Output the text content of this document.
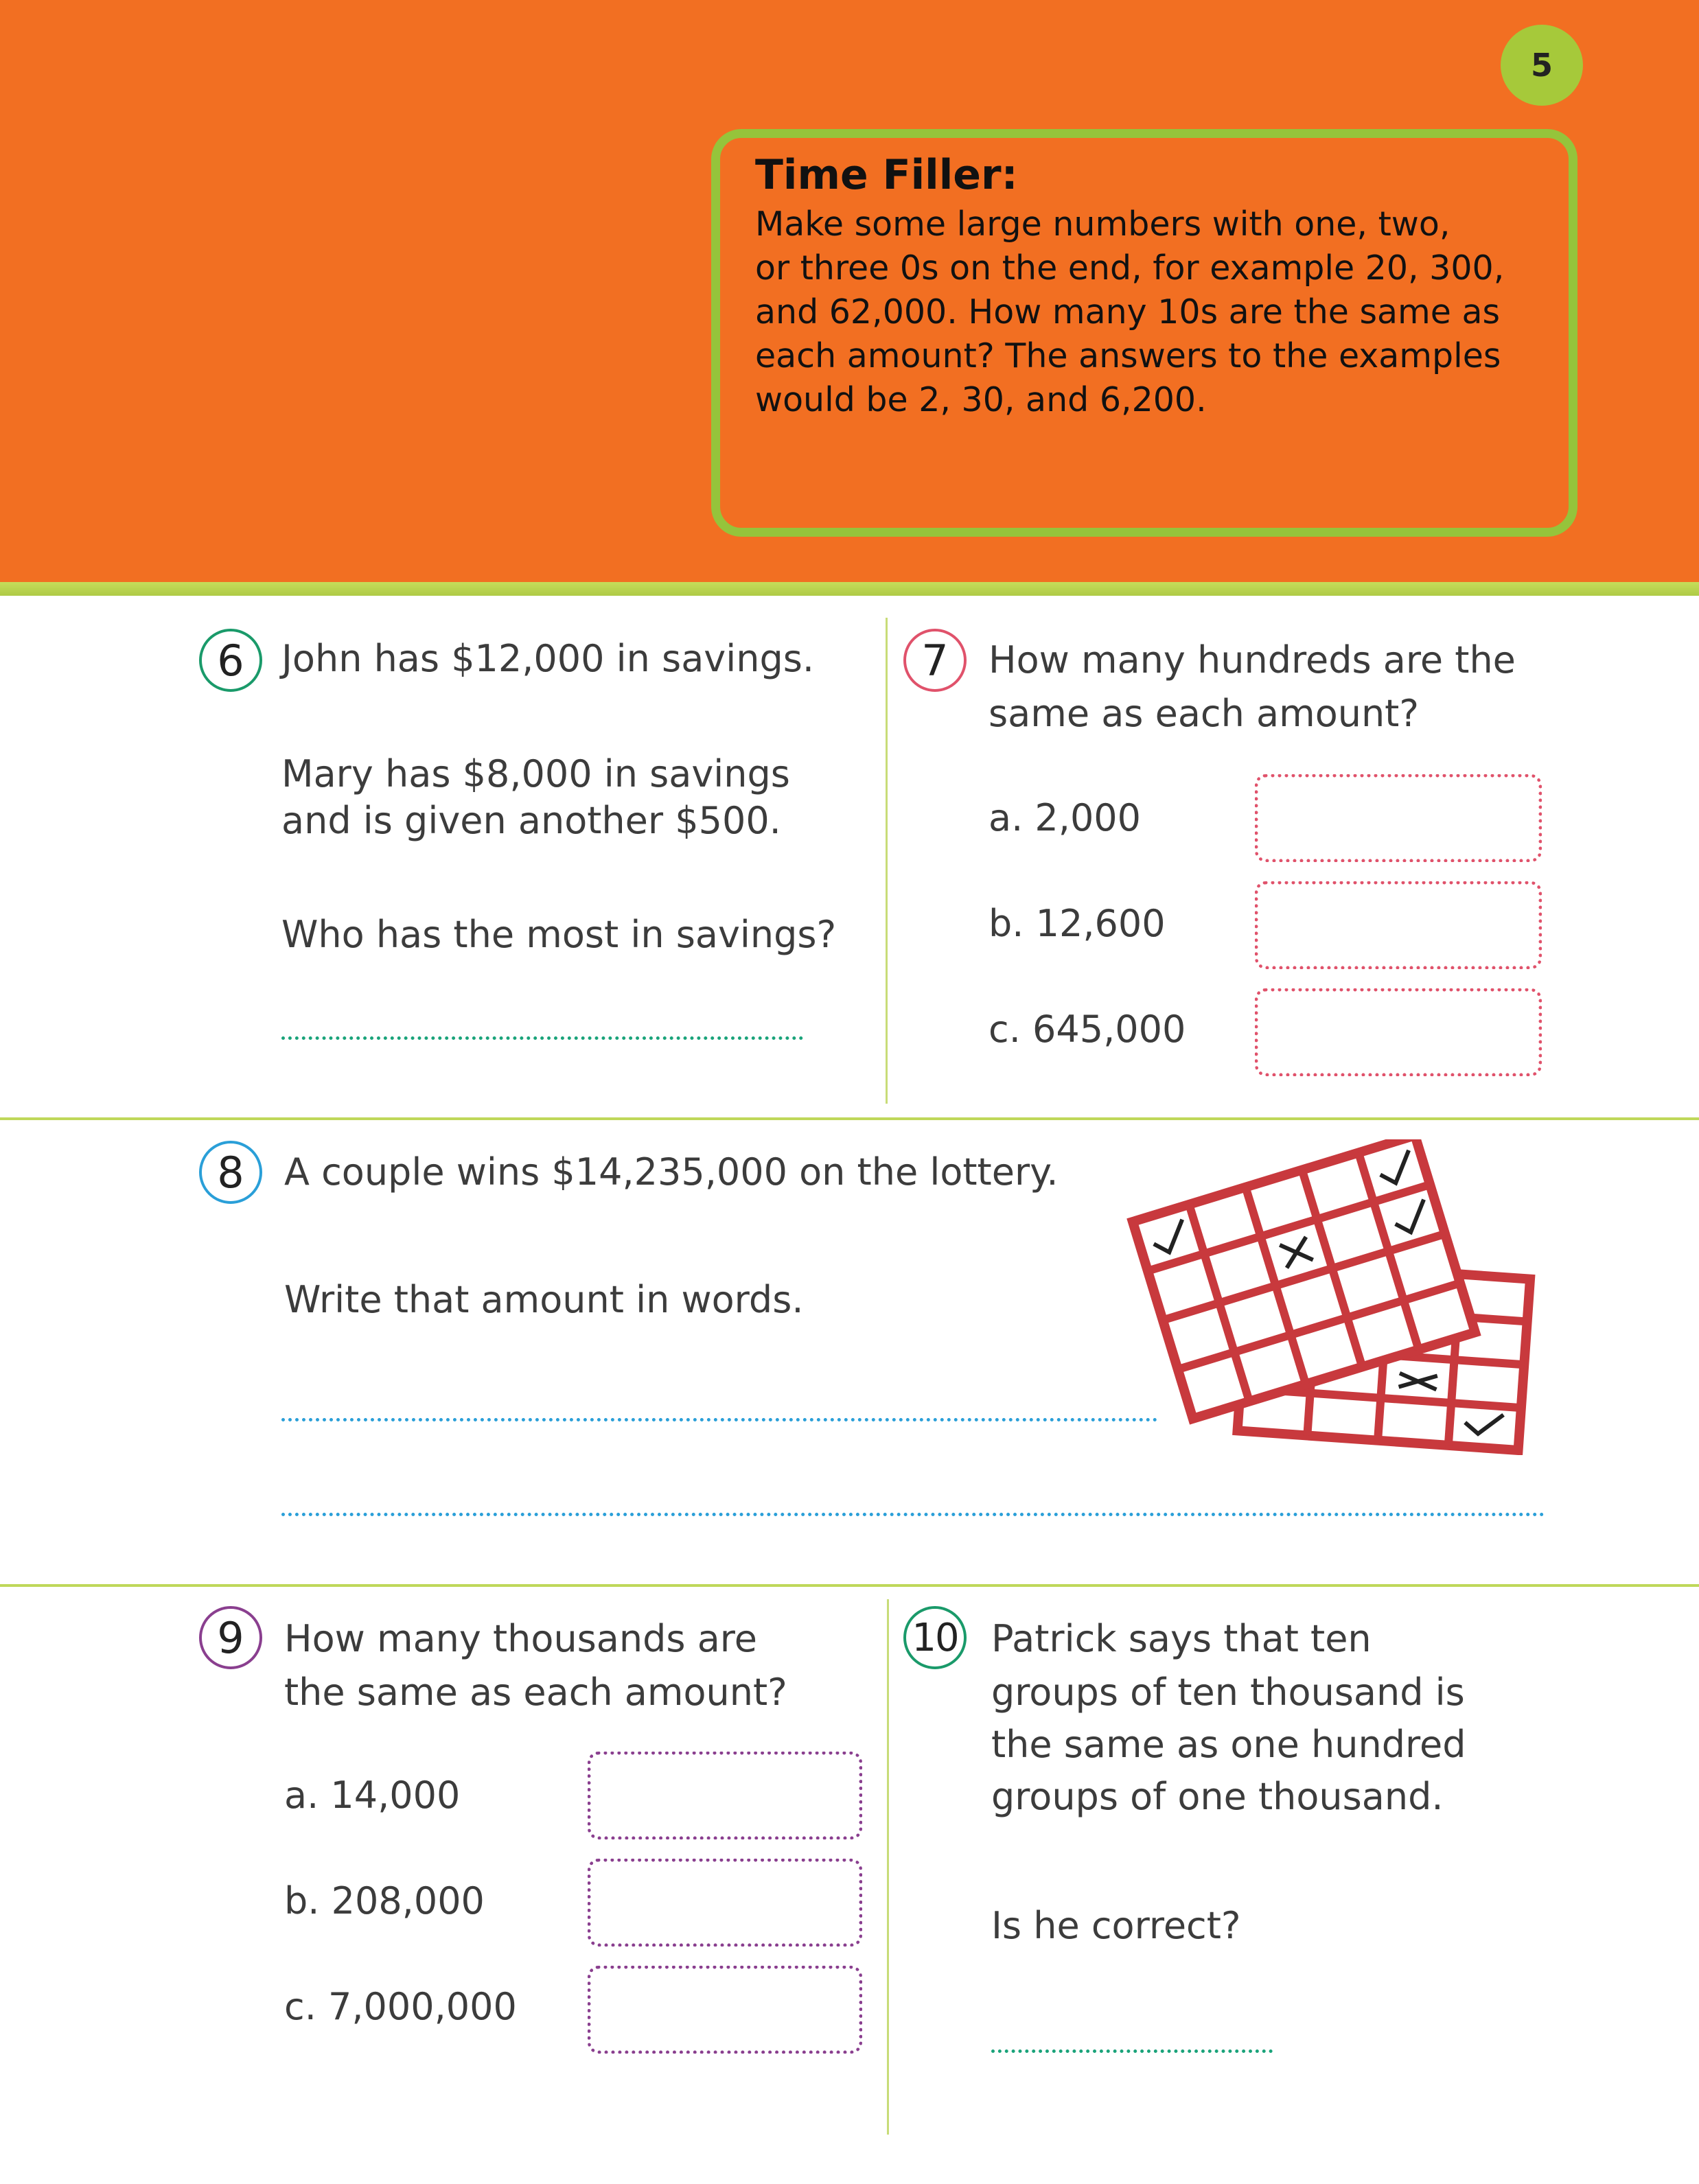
5
Time Filler:
Make some large numbers with one, two,
or three 0s on the end, for example 20, 300,
and 62,000. How many 10s are the same as
each amount? The answers to the examples
would be 2, 30, and 6,200.
6	John has $12,000 in savings.
Mary has $8,000 in savings
and is given another $500.
Who has the most in savings?
7	How many hundreds are the
same as each amount?
a. 2,000
b. 12,600
c. 645,000
8	A couple wins $14,235,000 on the lottery.
Write that amount in words.
9	How many thousands are
the same as each amount?
a. 14,000
b. 208,000
c. 7,000,000
10 Patrick says that ten
groups of ten thousand is
the same as one hundred
groups of one thousand.
Is he correct?
